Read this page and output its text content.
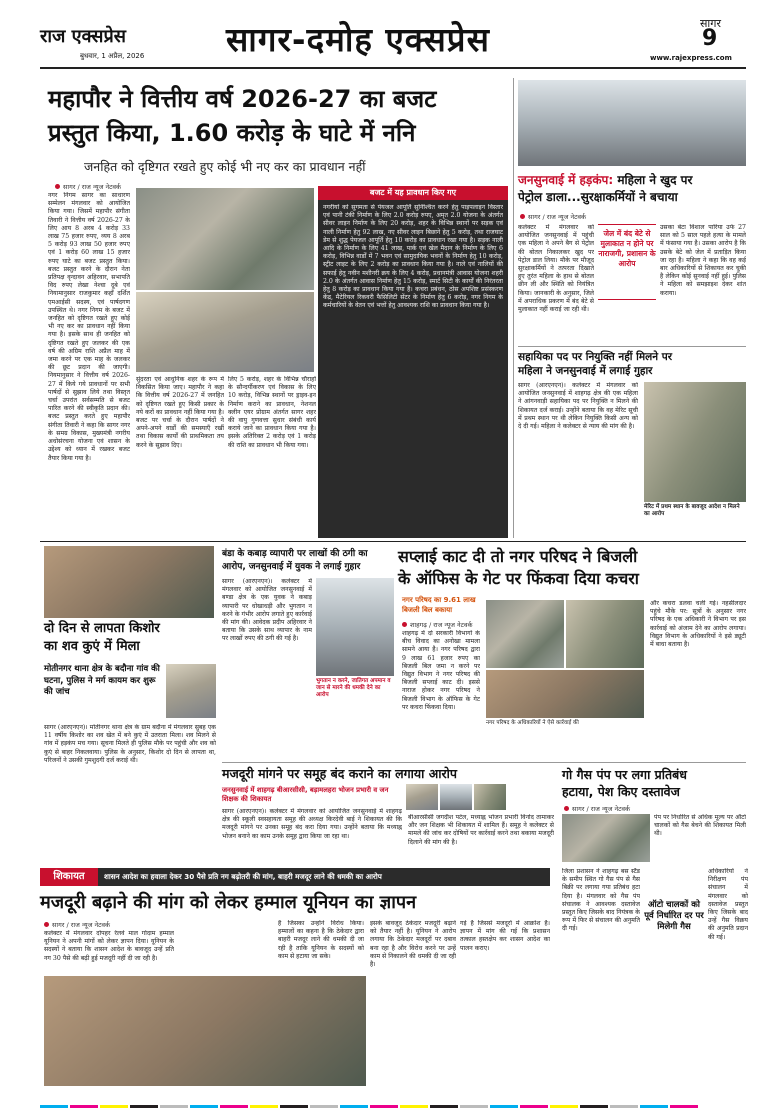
राज एक्सप्रेस
बुधवार, 1 अप्रैल, 2026 सागर-दमोह एक्सप्रेस	सागर
9
www.rajexpress.com
महापौर ने वित्तीय वर्ष 2026-27 का बजट
प्रस्तुत किया, 1.60 करोड़ के घाटे में ननि
जनहित को दृष्टिगत रखते हुए कोई भी नए कर का प्रावधान नहीं
सागर / राज न्यूज नेटवर्क
नगर निगम सागर का साधारण सम्मेलन मंगलवार को आयोजित किया गया। जिसमें महापौर संगीता तिवारी ने वित्तीय वर्ष 2026-27 के लिए आय 8 अरब 4 करोड़ 33 लाख 75 हजार रुपए, व्यय 8 अरब 5 करोड़ 93 लाख 50 हजार रुपए एवं 1 करोड़ 60 लाख 15 हजार रुपए घाटे का बजट प्रस्तुत किया। बजट प्रस्तुत करने के दौरान नेता प्रतिपक्ष वृन्दावन अहिरवार, सभापति विद रुपए लेखा नेश्चा दूबे एवं नियामानुसार राजकुमार कहाँ दर्शित एमआईसी सदस्य, एवं पार्षदगण उपस्थित थे। नगर निगम के बजट में जनहित को दृष्टिगत रखते हुए कोई भी नए कर का प्रावधान नहीं किया गया है। इसके साथ ही जनहित को दृष्टिगत रखते हुए जलकर की एक वर्ष की अग्रिम राशि अप्रैल माह में जमा करने पर एक माह के जलकर की छूट प्रदान की जाएगी। नियमानुसार ने वित्तीय वर्ष 2026-27 में किये गये प्रावधानों पर सभी पार्षदों से सुझाव लिये तथा विस्तृत चर्चा उपरांत सर्वसम्मति से बजट पारित करने की स्वीकृति प्रदान की। बजट प्रस्तुत करते हुए महापौर संगीता तिवारी ने कहा कि सागर नगर के समग्र विकास, मुख्यमंत्री नगरीय अधोसंरचना योजना एवं शासन के उद्देश्य को ध्यान में रखकर बजट तैयार किया गया है।
सुंदरता एवं आधुनिक शहर के रूप में विकसित किया जाए। महापौर ने कहा कि वित्तीय वर्ष 2026-27 में जनहित को दृष्टिगत रखते हुए किसी प्रकार के नये करों का प्रावधान नहीं किया गया है। बजट पर चर्चा के दौरान पार्षदों ने अपने-अपने वार्डों की समस्याएँ रखीं तथा विकास कार्यों की प्राथमिकता तय करने के सुझाव दिए।
लिए 5 करोड़, शहर के विभिन्न चौराहों के सौन्दर्यीकरण एवं विकास के लिए 10 करोड़, विभिन्न स्थानों पर ड्राइव-इन निर्माण कराने का प्रावधान, नेशनल क्लीन एयर प्रोग्राम अंतर्गत सागर शहर की वायु गुणवत्ता सुधार संबंधी कार्य कराये जाने का प्रावधान किया गया है। इसके अतिरिक्त 2 करोड़ एवं 1 करोड़ की राशि का प्रावधान भी किया गया।
बजट में यह प्रावधान किए गए
नगरीयों को सुगमता से पेयजल आपूर्ति सुनिश्चित करने हेतु पाइपलाइन विस्तार एवं पानी टंकी निर्माण के लिए 2.0 करोड़ रुपए, अमृत 2.0 योजना के अंतर्गत सीवर लाइन निर्माण के लिए 20 करोड़, शहर के विभिन्न स्थानों पर सड़क एवं नाली निर्माण हेतु 92 लाख, नए सीवर लाइन बिछाने हेतु 5 करोड़, तथा राजघाट डेम से शुद्ध पेयजल आपूर्ति हेतु 10 करोड़ का प्रावधान रखा गया है। सड़क नाली आदि के निर्माण के लिए 41 लाख, पार्क एवं खेल मैदान के निर्माण के लिए 6 करोड़, विभिन्न वार्डों में 7 भवन एवं सामुदायिक भवनों के निर्माण हेतु 10 करोड़, स्ट्रीट लाइट के लिए 2 करोड़ का प्रावधान किया गया है। नाले एवं नालियों की सफाई हेतु नवीन मशीनरी क्रय के लिए 4 करोड़, प्रधानमंत्री आवास योजना शहरी 2.0 के अंतर्गत आवास निर्माण हेतु 15 करोड़, स्मार्ट सिटी के कार्यों की निरंतरता हेतु 8 करोड़ का प्रावधान किया गया है। कचरा प्रबंधन, ठोस अपशिष्ट प्रसंस्करण केंद्र, मैटेरियल रिकवरी फैसिलिटी सेंटर के निर्माण हेतु 6 करोड़, नगर निगम के कर्मचारियों के वेतन एवं भत्तों हेतु आवश्यक राशि का प्रावधान किया गया है।
जनसुनवाई में हड़कंप: महिला ने खुद पर
पेट्रोल डाला...सुरक्षाकर्मियों ने बचाया
सागर / राज न्यूज नेटवर्क
कलेक्टर में मंगलवार को आयोजित जनसुनवाई में पहुंची एक महिला ने अपने बैग से पेट्रोल की बोतल निकालकर खुद पर पेट्रोल डाल लिया। मौके पर मौजूद सुरक्षाकर्मियों ने तत्परता दिखाते हुए तुरंत महिला के हाथ से बोतल छीन ली और स्थिति को नियंत्रित किया। जानकारी के अनुसार, जिले में अपराधिक प्रकरण में बंद बेटे से मुलाकात नहीं कराई जा रही थी।
जेल में बंद बेटे से मुलाकात न होने पर नाराजगी, प्रशासन के आरोप
उसका बेटा विशाल पारिया उर्फ 27 साल को 5 साल पहले हत्या के मामले में फंसाया गया है। उसका आरोप है कि उसके बेटे को जेल में प्रताड़ित किया जा रहा है। महिला ने कहा कि वह कई बार अधिकारियों से शिकायत कर चुकी है लेकिन कोई सुनवाई नहीं हुई। पुलिस ने महिला को समझाइश देकर शांत कराया।
सहायिका पद पर नियुक्ति नहीं मिलने पर
महिला ने जनसुनवाई में लगाई गुहार
सागर (आरएनएन)। कलेक्टर में मंगलवार को आयोजित जनसुनवाई में शाहगढ़ क्षेत्र की एक महिला ने आंगनवाड़ी सहायिका पद पर नियुक्ति न मिलने की शिकायत दर्ज कराई। उन्होंने बताया कि वह मेरिट सूची में प्रथम स्थान पर थी लेकिन नियुक्ति किसी अन्य को दे दी गई। महिला ने कलेक्टर से न्याय की मांग की है।
मेरिट में प्रथम स्थान के बावजूद आदेश न मिलने का आरोप
दो दिन से लापता किशोर
का शव कुएं में मिला
मोतीनगर थाना क्षेत्र के बदौना गांव की घटना, पुलिस ने मर्ग कायम कर शुरू की जांच
सागर (आरएनएन)। मोतीनगर थाना क्षेत्र के ग्राम बदौना में मंगलवार सुबह एक 11 वर्षीय किशोर का शव खेत में बने कुएं में उतराता मिला। शव मिलने से गांव में हड़कंप मच गया। सूचना मिलते ही पुलिस मौके पर पहुंची और शव को कुएं से बाहर निकलवाया। पुलिस के अनुसार, किशोर दो दिन से लापता था, परिजनों ने उसकी गुमशुदगी दर्ज कराई थी।
बंडा के कबाड़ व्यापारी पर लाखों की ठगी का
आरोप, जनसुनवाई में युवक ने लगाई गुहार
सागर (आरएनएन)। कलेक्टर में मंगलवार को आयोजित जनसुनवाई में बण्डा क्षेत्र के एक युवक ने कबाड़ व्यापारी पर धोखाधड़ी और भुगतान न करने के गंभीर आरोप लगाते हुए कार्रवाई की मांग की। आवेदक प्रदीप अहिरवार ने बताया कि उसके साथ व्यापार के नाम पर लाखों रुपए की ठगी की गई है।
भुगतान न करने, जातिगत अपमान व जान से मारने की धमकी देने का आरोप
सप्लाई काट दी तो नगर परिषद ने बिजली
के ऑफिस के गेट पर फिंकवा दिया कचरा
नगर परिषद का 9.61 लाख बिजली बिल बकाया
शाहगढ़ / राज न्यूज नेटवर्क
शाहगढ़ में दो सरकारी विभागों के बीच विवाद का अनोखा मामला सामने आया है। नगर परिषद द्वारा 9 लाख 61 हजार रुपए का बिजली बिल जमा न करने पर विद्युत विभाग ने नगर परिषद की बिजली सप्लाई काट दी। इससे नाराज होकर नगर परिषद ने बिजली विभाग के ऑफिस के गेट पर कचरा फिंकवा दिया।
नगर परिषद के अधिकारियों ने ऐसे कार्रवाई की
और कचरा डलवा चली गई। नहसीलदार पहुंचे मौके पर: सूत्रों के अनुसार नगर परिषद के एक अधिकारी ने विभाग पर इस कार्रवाई को अंजाम देने का आरोप लगाया। विद्युत विभाग के अधिकारियों ने इसे ड्यूटी में बाधा बताया है।
मजदूरी मांगने पर समूह बंद कराने का लगाया आरोप
जनसुनवाई में शाहगढ़ बीआरसीसी, बड़ामलहरा भोजन प्रभारी व जन शिक्षक की शिकायत
सागर (आरएनएन)। कलेक्टर में मंगलवार को आयोजित जनसुनवाई में शाहगढ़ क्षेत्र की स्कूली स्वसहायता समूह की अध्यक्ष किरदेवी बाई ने शिकायत की कि मजदूरी मांगने पर उनका समूह बंद करा दिया गया। उन्होंने बताया कि मध्याह्न भोजन बनाने का काम उनके समूह द्वारा किया जा रहा था।
बीआरसीसी जगदीश पटेल, मध्याह्न भोजन प्रभारी विनोद तामाकर और जन शिक्षक भी शिकायत में शामिल हैं। समूह ने कलेक्टर से मामले की जांच कर दोषियों पर कार्रवाई करने तथा बकाया मजदूरी दिलाने की मांग की है।
गो गैस पंप पर लगा प्रतिबंध
हटाया, पेश किए दस्तावेज
सागर / राज न्यूज नेटवर्क
पंप पर निर्धारित से अधिक मूल्य पर ऑटो चालकों को गैस बेचने की शिकायत मिली थी।
शिकायत	शासन आदेश का हवाला देकर 30 पैसे प्रति नग बढ़ोतरी की मांग, बाहरी मजदूर लाने की धमकी का आरोप
मजदूरी बढ़ाने की मांग को लेकर हम्माल यूनियन का ज्ञापन
सागर / राज न्यूज नेटवर्क
कलेक्टर में मंगलवार दोपहर रेलवे माल गोदाम हम्माल यूनियन ने अपनी मांगों को लेकर ज्ञापन दिया। यूनियन के सदस्यों ने बताया कि शासन आदेश के बावजूद उन्हें प्रति नग 30 पैसे की बढ़ी हुई मजदूरी नहीं दी जा रही है।
है जिसका उन्होंने विरोध किया। हम्मालों का कहना है कि ठेकेदार द्वारा बाहरी मजदूर लाने की धमकी दी जा रही है ताकि यूनियन के सदस्यों को काम से हटाया जा सके।
इसके बावजूद ठेकेदार मजदूरी बढ़ाने को तैयार नहीं है। यूनियन ने आरोप लगाया कि ठेकेदार मजदूरों पर दबाव बना रहा है और विरोध करने पर उन्हें काम से निकालने की धमकी दी जा रही है।
गई है जिससे मजदूरों में आक्रोश है। ज्ञापन में मांग की गई कि प्रशासन तत्काल हस्तक्षेप कर शासन आदेश का पालन कराए।
जिला प्रशासन ने शाहगढ़ बस स्टैंड के समीप स्थित गो गैस पंप से गैस बिक्री पर लगाया गया प्रतिबंध हटा दिया है। मंगलवार को गैस पंप संचालक ने आवश्यक दस्तावेज प्रस्तुत किए जिसके बाद नियंत्रक के रूप में फिर से संचालन की अनुमति दी गई।
ऑटो चालकों को पूर्व निर्धारित दर पर मिलेगी गैस
अधिकारियों ने निरीक्षण पंप संचालन में मंगलवार को दस्तावेज प्रस्तुत किए जिसके बाद उन्हें गैस विक्रय की अनुमति प्रदान की गई।
